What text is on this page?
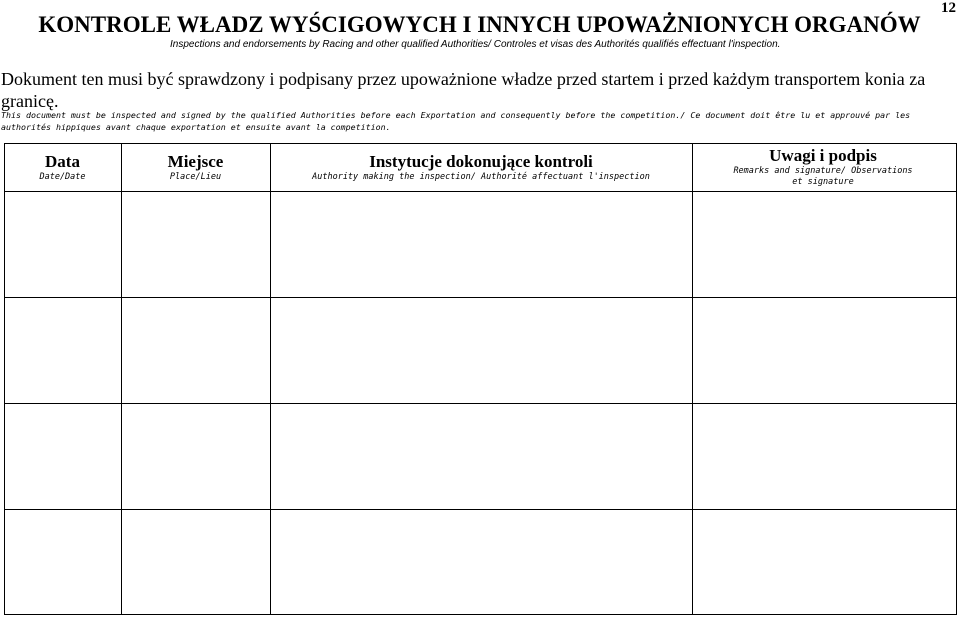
12
KONTROLE WŁADZ WYŚCIGOWYCH I INNYCH UPOWAŻNIONYCH ORGANÓW
Inspections and endorsements by Racing and other qualified Authorities/ Controles et visas des Authorités qualifiés effectuant l'inspection.
Dokument ten musi być sprawdzony i podpisany przez upoważnione władze przed startem i przed każdym transportem konia za granicę.
This document must be inspected and signed by the qualified Authorities before each Exportation and consequently before the competition./ Ce document doit être lu et approuvé par les authorités hippiques avant chaque exportation et ensuite avant la competition.
Data
Date/Date
Miejsce
Place/Lieu
Instytucje dokonujące kontroli
Authority making the inspection/ Authorité affectuant l'inspection
Uwagi i podpis
Remarks and signature/ Observations et signature
